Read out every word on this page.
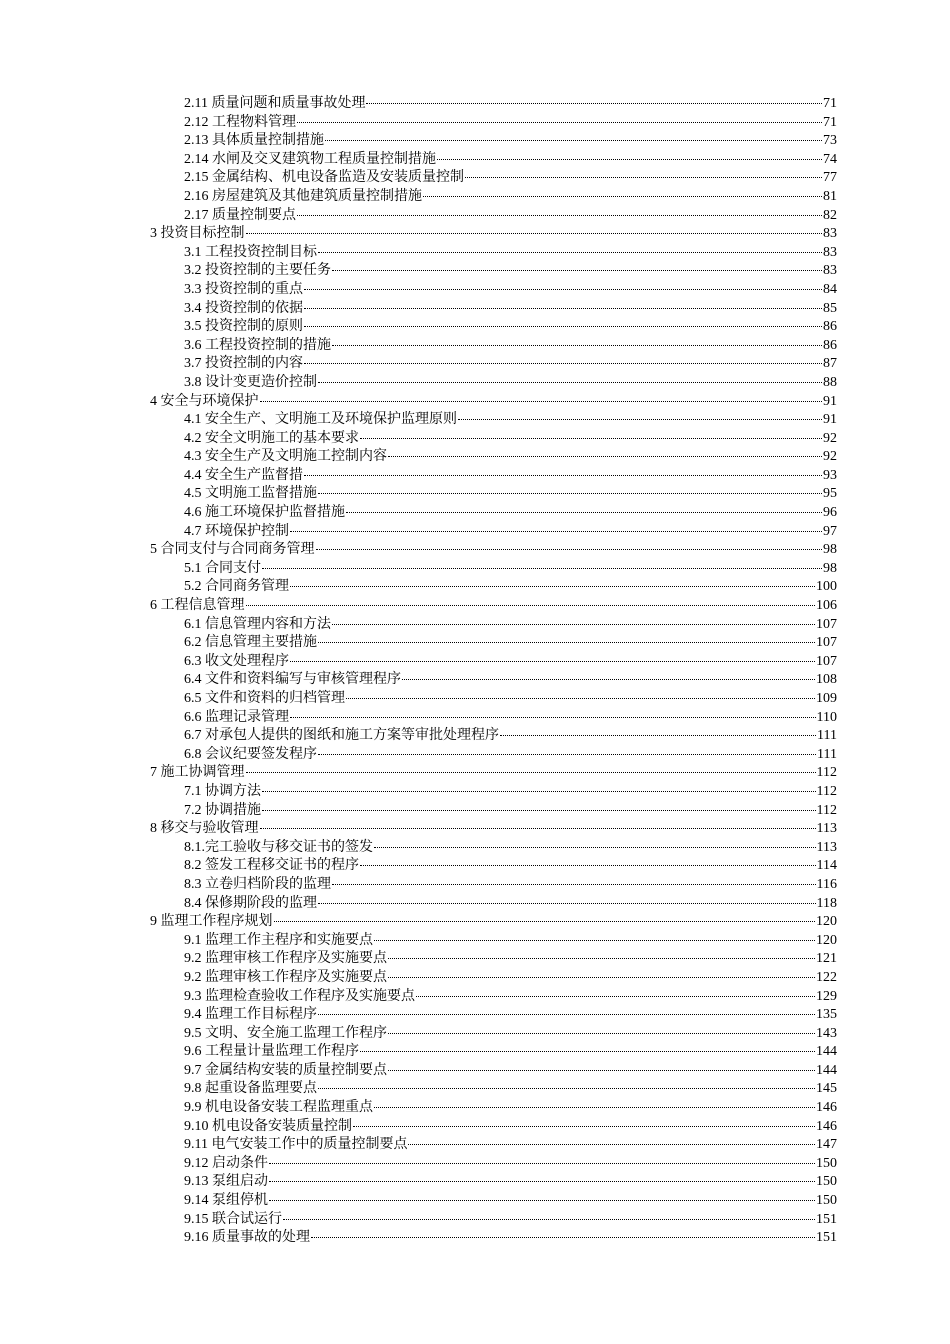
2.11 质量问题和质量事故处理	71
2.12 工程物料管理	71
2.13 具体质量控制措施	73
2.14 水闸及交叉建筑物工程质量控制措施	74
2.15 金属结构、机电设备监造及安装质量控制	77
2.16 房屋建筑及其他建筑质量控制措施	81
2.17 质量控制要点	82
3 投资目标控制	83
3.1 工程投资控制目标	83
3.2 投资控制的主要任务	83
3.3 投资控制的重点	84
3.4 投资控制的依据	85
3.5 投资控制的原则	86
3.6 工程投资控制的措施	86
3.7 投资控制的内容	87
3.8 设计变更造价控制	88
4 安全与环境保护	91
4.1 安全生产、文明施工及环境保护监理原则	91
4.2 安全文明施工的基本要求	92
4.3 安全生产及文明施工控制内容	92
4.4 安全生产监督措	93
4.5 文明施工监督措施	95
4.6 施工环境保护监督措施	96
4.7 环境保护控制	97
5 合同支付与合同商务管理	98
5.1 合同支付	98
5.2 合同商务管理	100
6 工程信息管理	106
6.1 信息管理内容和方法	107
6.2 信息管理主要措施	107
6.3 收文处理程序	107
6.4 文件和资料编写与审核管理程序	108
6.5 文件和资料的归档管理	109
6.6 监理记录管理	110
6.7 对承包人提供的图纸和施工方案等审批处理程序	111
6.8 会议纪要签发程序	111
7 施工协调管理	112
7.1 协调方法	112
7.2 协调措施	112
8 移交与验收管理	113
8.1.完工验收与移交证书的签发	113
8.2 签发工程移交证书的程序	114
8.3 立卷归档阶段的监理	116
8.4 保修期阶段的监理	118
9 监理工作程序规划	120
9.1 监理工作主程序和实施要点	120
9.2 监理审核工作程序及实施要点	121
9.2 监理审核工作程序及实施要点	122
9.3 监理检查验收工作程序及实施要点	129
9.4 监理工作目标程序	135
9.5 文明、安全施工监理工作程序	143
9.6 工程量计量监理工作程序	144
9.7 金属结构安装的质量控制要点	144
9.8 起重设备监理要点	145
9.9 机电设备安装工程监理重点	146
9.10 机电设备安装质量控制	146
9.11 电气安装工作中的质量控制要点	147
9.12 启动条件	150
9.13 泵组启动	150
9.14 泵组停机	150
9.15 联合试运行	151
9.16 质量事故的处理	151
